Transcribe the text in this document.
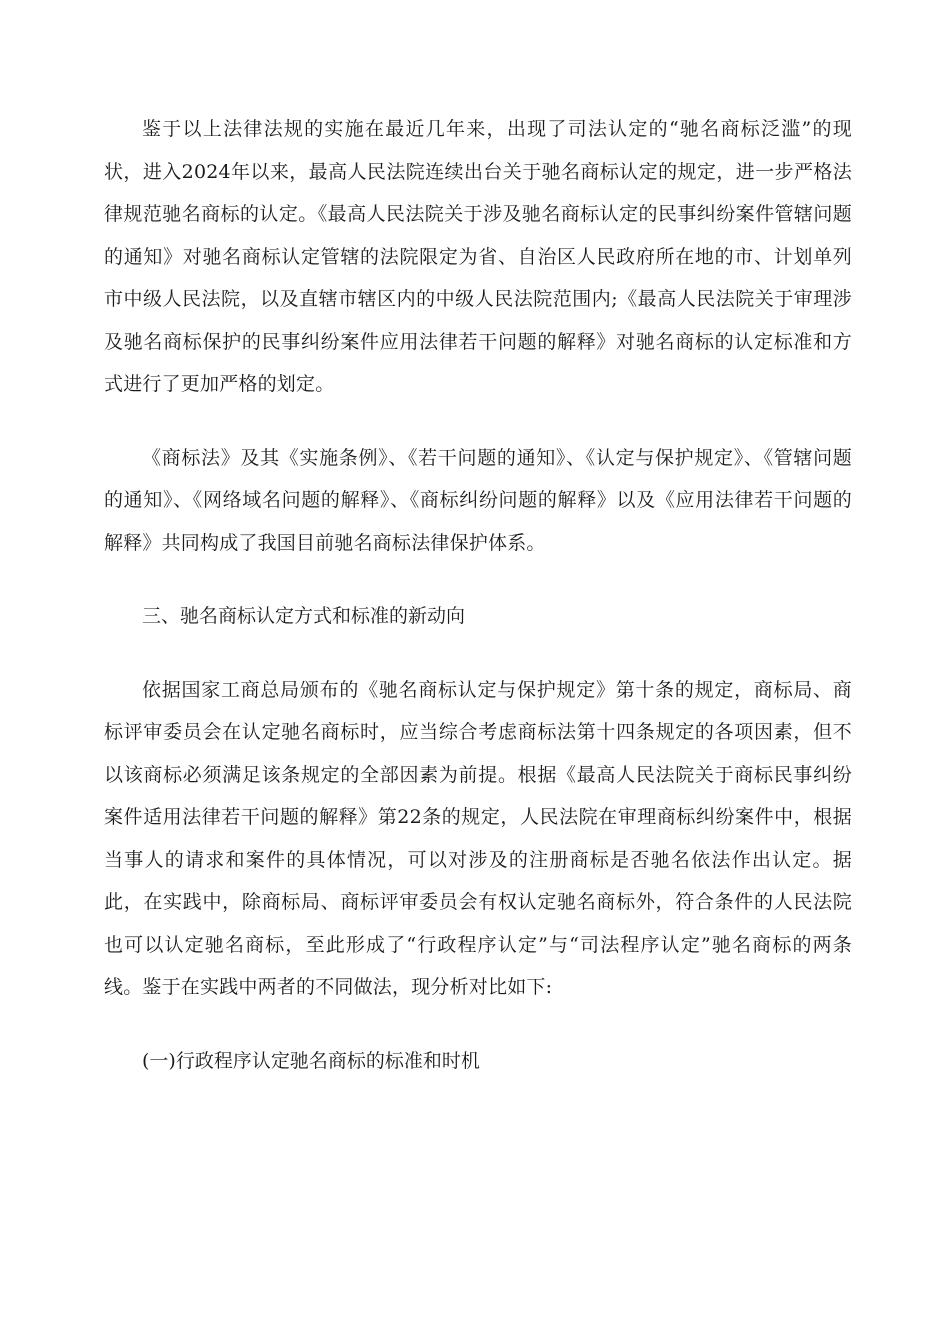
鉴于以上法律法规的实施在最近几年来，出现了司法认定的“驰名商标泛滥”的现状，进入2024年以来，最高人民法院连续出台关于驰名商标认定的规定，进一步严格法律规范驰名商标的认定。《最高人民法院关于涉及驰名商标认定的民事纠纷案件管辖问题的通知》对驰名商标认定管辖的法院限定为省、自治区人民政府所在地的市、计划单列市中级人民法院，以及直辖市辖区内的中级人民法院范围内;《最高人民法院关于审理涉及驰名商标保护的民事纠纷案件应用法律若干问题的解释》对驰名商标的认定标准和方式进行了更加严格的划定。

《商标法》及其《实施条例》、《若干问题的通知》、《认定与保护规定》、《管辖问题的通知》、《网络域名问题的解释》、《商标纠纷问题的解释》以及《应用法律若干问题的解释》共同构成了我国目前驰名商标法律保护体系。

三、驰名商标认定方式和标准的新动向

依据国家工商总局颁布的《驰名商标认定与保护规定》第十条的规定，商标局、商标评审委员会在认定驰名商标时，应当综合考虑商标法第十四条规定的各项因素，但不以该商标必须满足该条规定的全部因素为前提。根据《最高人民法院关于商标民事纠纷案件适用法律若干问题的解释》第22条的规定，人民法院在审理商标纠纷案件中，根据当事人的请求和案件的具体情况，可以对涉及的注册商标是否驰名依法作出认定。据此，在实践中，除商标局、商标评审委员会有权认定驰名商标外，符合条件的人民法院也可以认定驰名商标，至此形成了“行政程序认定”与“司法程序认定”驰名商标的两条线。鉴于在实践中两者的不同做法，现分析对比如下:

(一)行政程序认定驰名商标的标准和时机
